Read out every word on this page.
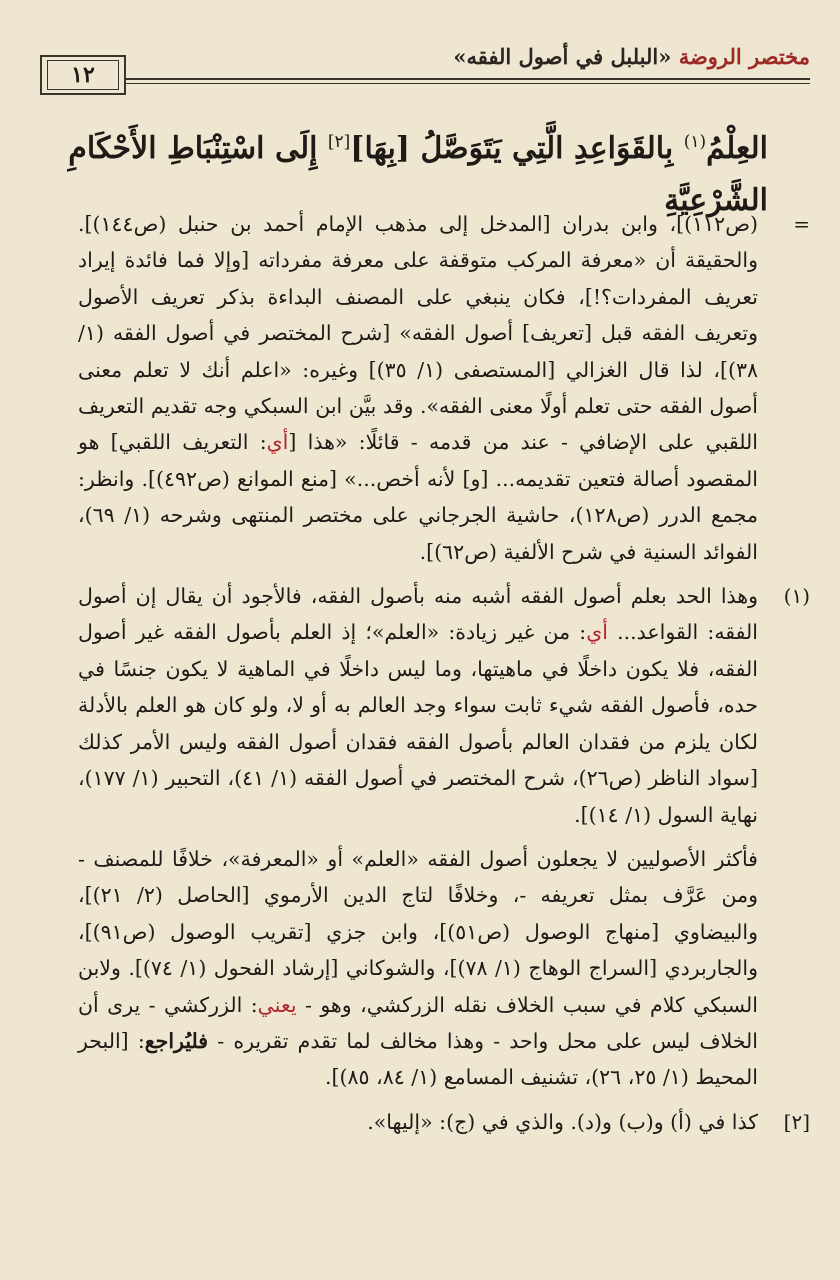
مختصر الروضة «البلبل في أصول الفقه»
١٢
العِلْمُ$^{(١)}$ بِالقَوَاعِدِ الَّتِي يَتَوَصَّلُ [بِهَا][٢] إِلَى اسْتِنْبَاطِ الأَحْكَامِ الشَّرْعِيَّةِ

=
(ص١١٢)]، وابن بدران [المدخل إلى مذهب الإمام أحمد بن حنبل (ص١٤٤)]. والحقيقة أن «معرفة المركب متوقفة على معرفة مفرداته [وإلا فما فائدة إيراد تعريف المفردات؟!]، فكان ينبغي على المصنف البداءة بذكر تعريف الأصول وتعريف الفقه قبل [تعريف] أصول الفقه» [شرح المختصر في أصول الفقه (١/ ٣٨)]، لذا قال الغزالي [المستصفى (١/ ٣٥)] وغيره: «اعلم أنك لا تعلم معنى أصول الفقه حتى تعلم أولًا معنى الفقه». وقد بيَّن ابن السبكي وجه تقديم التعريف اللقبي على الإضافي - عند من قدمه - قائلًا: «هذا [أي: التعريف اللقبي] هو المقصود أصالة فتعين تقديمه... [و] لأنه أخص...» [منع الموانع (ص٤٩٢)]. وانظر: مجمع الدرر (ص١٢٨)، حاشية الجرجاني على مختصر المنتهى وشرحه (١/ ٦٩)، الفوائد السنية في شرح الألفية (ص٦٢)].

(١)
وهذا الحد بعلم أصول الفقه أشبه منه بأصول الفقه، فالأجود أن يقال إن أصول الفقه: القواعد... أي: من غير زيادة: «العلم»؛ إذ العلم بأصول الفقه غير أصول الفقه، فلا يكون داخلًا في ماهيتها، وما ليس داخلًا في الماهية لا يكون جنسًا في حده، فأصول الفقه شيء ثابت سواء وجد العالم به أو لا، ولو كان هو العلم بالأدلة لكان يلزم من فقدان العالم بأصول الفقه فقدان أصول الفقه وليس الأمر كذلك [سواد الناظر (ص٢٦)، شرح المختصر في أصول الفقه (١/ ٤١)، التحبير (١/ ١٧٧)، نهاية السول (١/ ١٤)].

فأكثر الأصوليين لا يجعلون أصول الفقه «العلم» أو «المعرفة»، خلافًا للمصنف - ومن عَرَّف بمثل تعريفه -، وخلافًا لتاج الدين الأرموي [الحاصل (٢/ ٢١)]، والبيضاوي [منهاج الوصول (ص٥١)]، وابن جزي [تقريب الوصول (ص٩١)]، والجاربردي [السراج الوهاج (١/ ٧٨)]، والشوكاني [إرشاد الفحول (١/ ٧٤)]. ولابن السبكي كلام في سبب الخلاف نقله الزركشي، وهو - يعني: الزركشي - يرى أن الخلاف ليس على محل واحد - وهذا مخالف لما تقدم تقريره - فليُراجع: [البحر المحيط (١/ ٢٥، ٢٦)، تشنيف المسامع (١/ ٨٤، ٨٥)].

[٢]
كذا في (أ) و(ب) و(د). والذي في (ج): «إليها».
